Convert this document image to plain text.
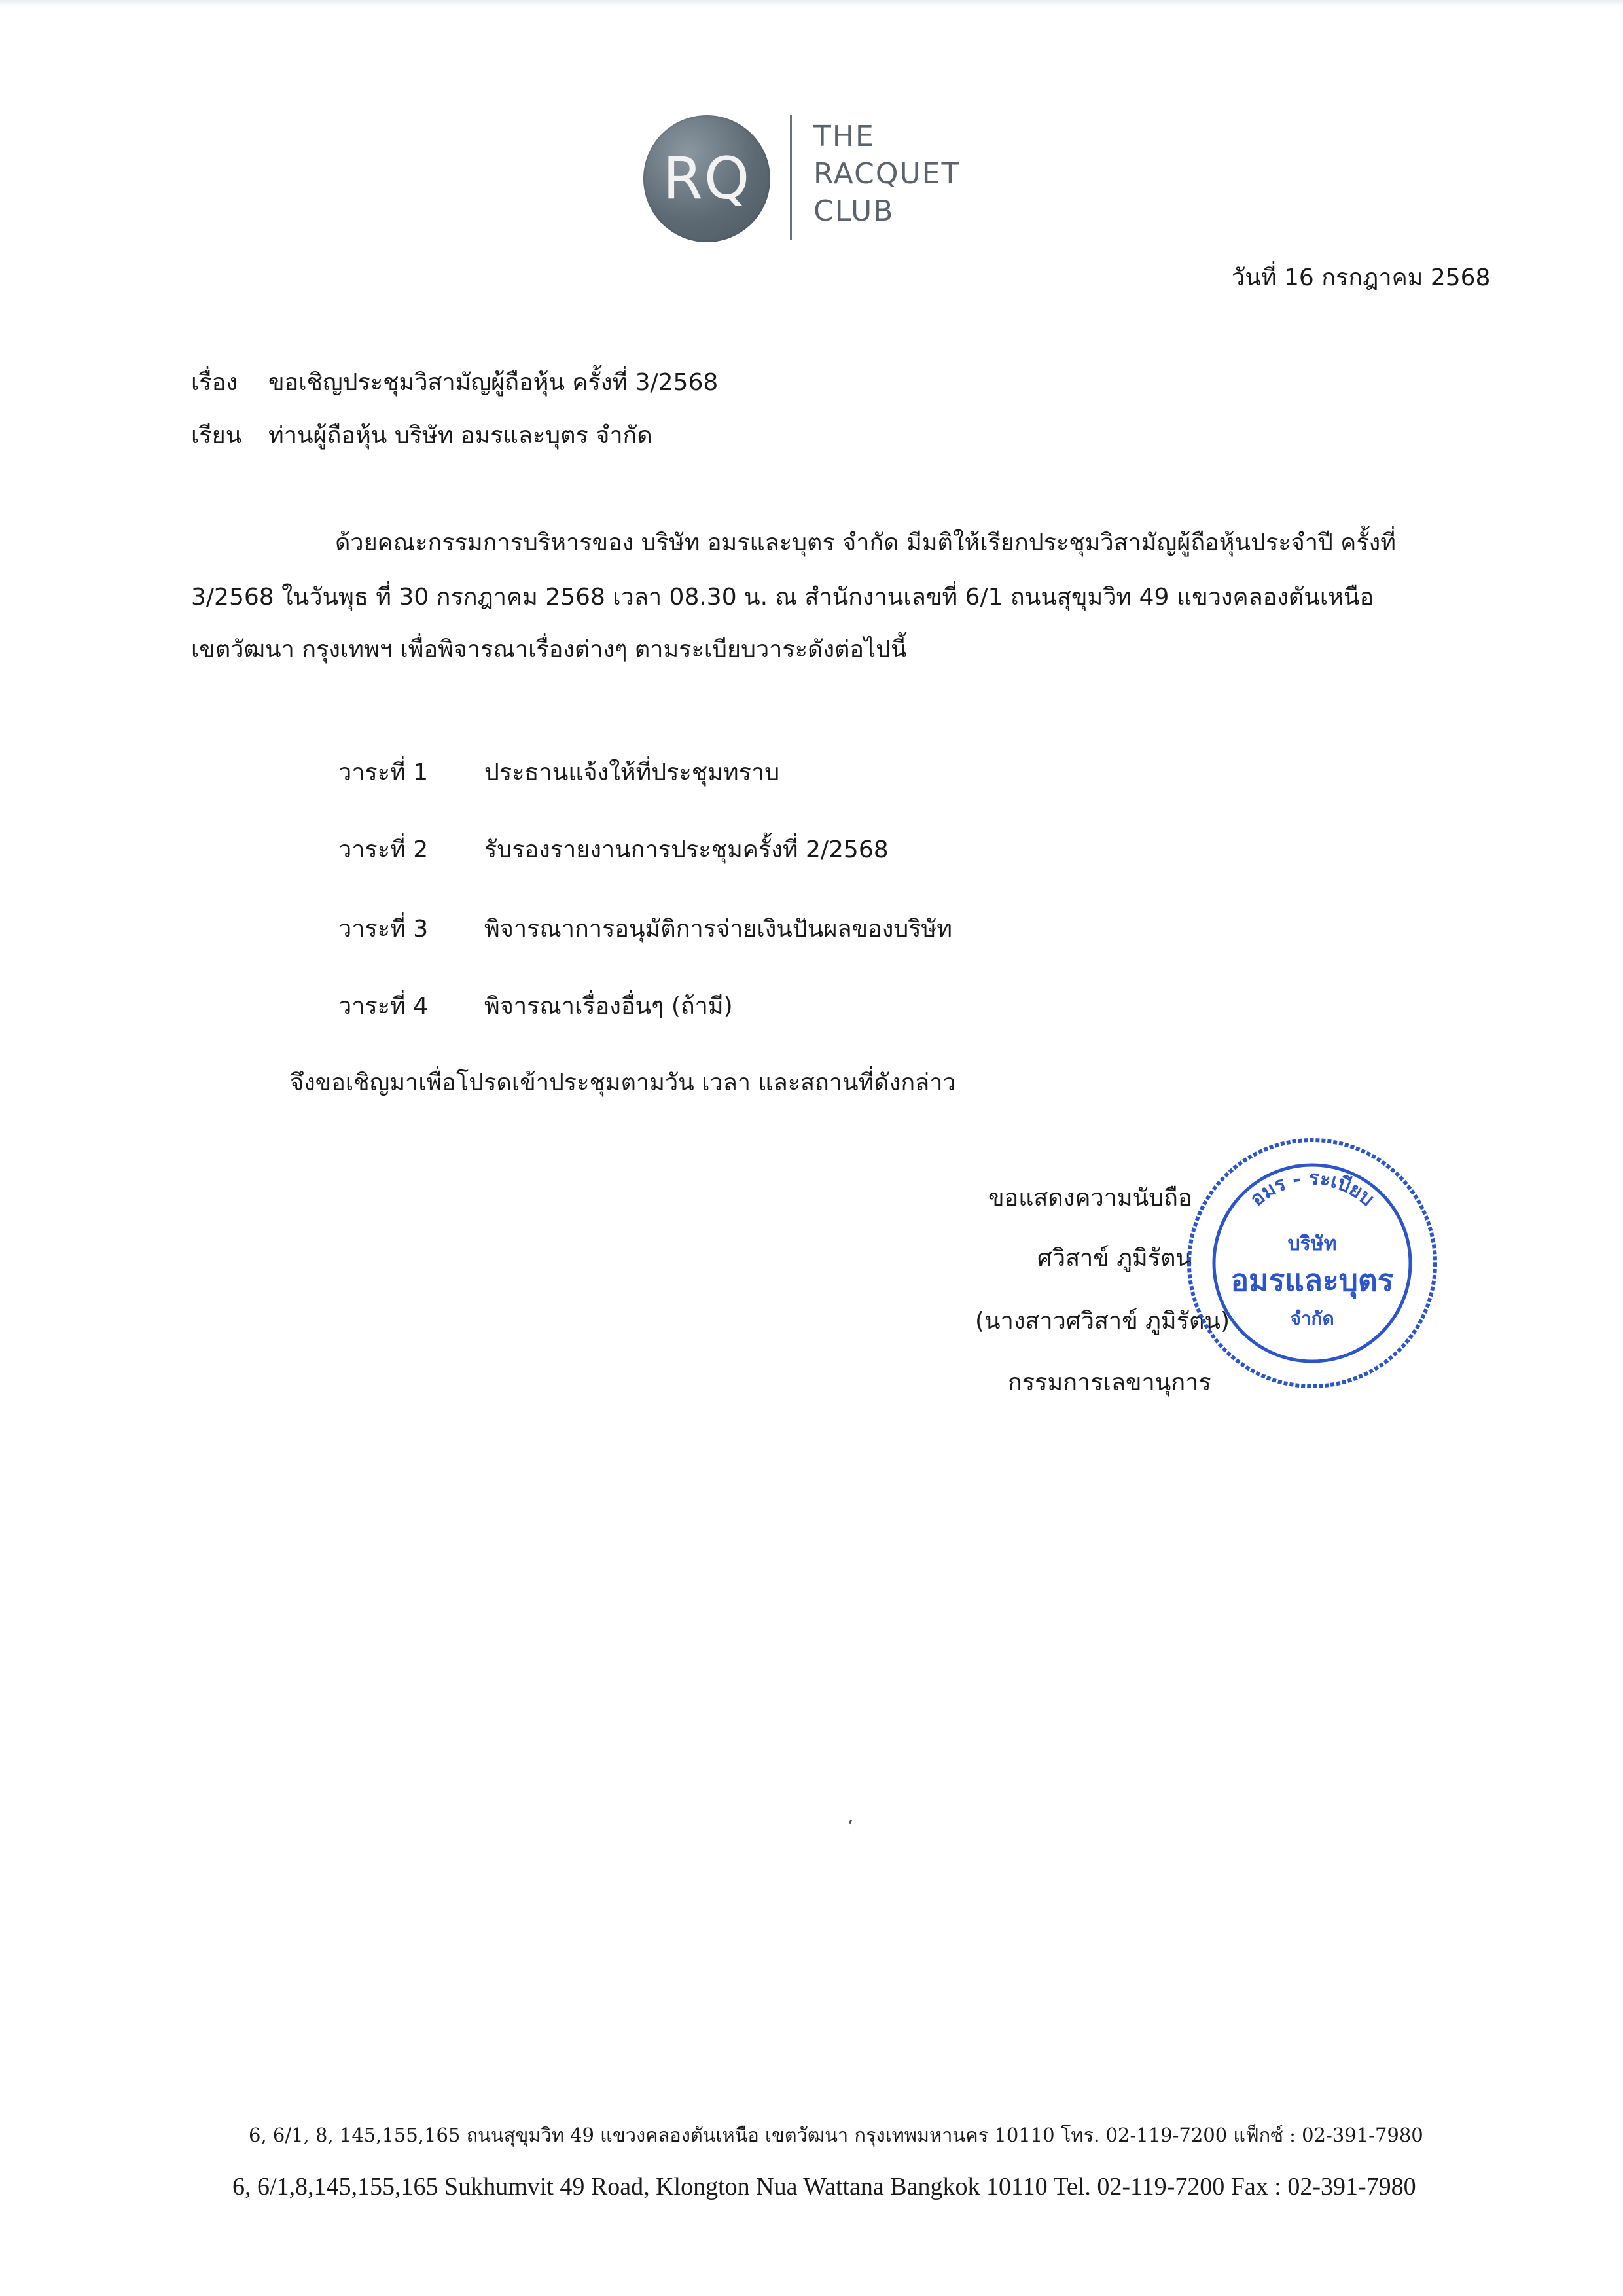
RQ
THE
RACQUET
CLUB
วันที่ 16 กรกฎาคม 2568
เรื่อง ขอเชิญประชุมวิสามัญผู้ถือหุ้น ครั้งที่ 3/2568
เรียน ท่านผู้ถือหุ้น บริษัท อมรและบุตร จำกัด
ด้วยคณะกรรมการบริหารของ บริษัท อมรและบุตร จำกัด มีมติให้เรียกประชุมวิสามัญผู้ถือหุ้นประจำปี ครั้งที่
3/2568 ในวันพุธ ที่ 30 กรกฎาคม 2568 เวลา 08.30 น. ณ สำนักงานเลขที่ 6/1 ถนนสุขุมวิท 49 แขวงคลองตันเหนือ
เขตวัฒนา กรุงเทพฯ เพื่อพิจารณาเรื่องต่างๆ ตามระเบียบวาระดังต่อไปนี้
วาระที่ 1 ประธานแจ้งให้ที่ประชุมทราบ
วาระที่ 2 รับรองรายงานการประชุมครั้งที่ 2/2568
วาระที่ 3 พิจารณาการอนุมัติการจ่ายเงินปันผลของบริษัท
วาระที่ 4 พิจารณาเรื่องอื่นๆ (ถ้ามี)
จึงขอเชิญมาเพื่อโปรดเข้าประชุมตามวัน เวลา และสถานที่ดังกล่าว
ขอแสดงความนับถือ
ศวิสาข์ ภูมิรัตน
(นางสาวศวิสาข์ ภูมิรัตน)
กรรมการเลขานุการ
อมร - ระเบียบ
บริษัท
อมรและบุตร
จำกัด
6, 6/1, 8, 145,155,165 ถนนสุขุมวิท 49 แขวงคลองตันเหนือ เขตวัฒนา กรุงเทพมหานคร 10110 โทร. 02-119-7200 แฟ็กซ์ : 02-391-7980
6, 6/1,8,145,155,165 Sukhumvit 49 Road, Klongton Nua Wattana Bangkok 10110 Tel. 02-119-7200 Fax : 02-391-7980
